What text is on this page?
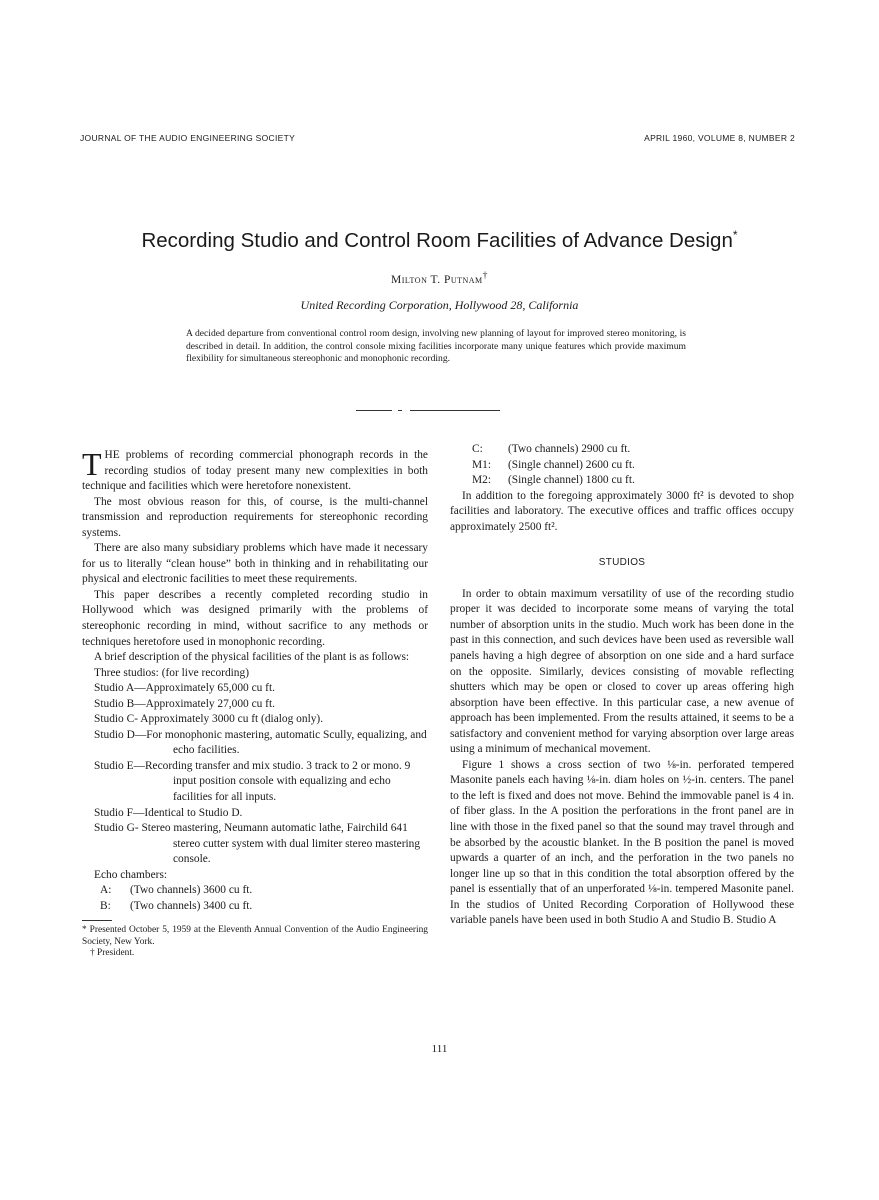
JOURNAL OF THE AUDIO ENGINEERING SOCIETY	APRIL 1960, VOLUME 8, NUMBER 2
Recording Studio and Control Room Facilities of Advance Design*
Milton T. Putnam†
United Recording Corporation, Hollywood 28, California
A decided departure from conventional control room design, involving new planning of layout for improved stereo monitoring, is described in detail. In addition, the control console mixing facilities incorporate many unique features which provide maximum flexibility for simultaneous stereophonic and monophonic recording.

THE problems of recording commercial phonograph records in the recording studios of today present many new complexities in both technique and facilities which were heretofore nonexistent.

The most obvious reason for this, of course, is the multi-channel transmission and reproduction requirements for stereophonic recording systems.

There are also many subsidiary problems which have made it necessary for us to literally “clean house” both in thinking and in rehabilitating our physical and electronic facilities to meet these requirements.

This paper describes a recently completed recording studio in Hollywood which was designed primarily with the problems of stereophonic recording in mind, without sacrifice to any methods or techniques heretofore used in monophonic recording.

A brief description of the physical facilities of the plant is as follows:

Three studios: (for live recording)

Studio A—Approximately 65,000 cu ft.
Studio B—Approximately 27,000 cu ft.
Studio C- Approximately 3000 cu ft (dialog only).
Studio D—For monophonic mastering, automatic Scully, equalizing, and echo facilities.
Studio E—Recording transfer and mix studio. 3 track to 2 or mono. 9 input position console with equalizing and echo facilities for all inputs.
Studio F—Identical to Studio D.
Studio G- Stereo mastering, Neumann automatic lathe, Fairchild 641 stereo cutter system with dual limiter stereo mastering console.

Echo chambers:

A:	(Two channels) 3600 cu ft.
B:	(Two channels) 3400 cu ft.

* Presented October 5, 1959 at the Eleventh Annual Convention of the Audio Engineering Society, New York.

† President.

C:	(Two channels) 2900 cu ft.
M1:	(Single channel) 2600 cu ft.
M2:	(Single channel) 1800 cu ft.

In addition to the foregoing approximately 3000 ft² is devoted to shop facilities and laboratory. The executive offices and traffic offices occupy approximately 2500 ft².

STUDIOS

In order to obtain maximum versatility of use of the recording studio proper it was decided to incorporate some means of varying the total number of absorption units in the studio. Much work has been done in the past in this connection, and such devices have been used as reversible wall panels having a high degree of absorption on one side and a hard surface on the opposite. Similarly, devices consisting of movable reflecting shutters which may be open or closed to cover up areas offering high absorption have been effective. In this particular case, a new avenue of approach has been implemented. From the results attained, it seems to be a satisfactory and convenient method for varying absorption over large areas using a minimum of mechanical movement.

Figure 1 shows a cross section of two ⅛-in. perforated tempered Masonite panels each having ⅛-in. diam holes on ½-in. centers. The panel to the left is fixed and does not move. Behind the immovable panel is 4 in. of fiber glass. In the A position the perforations in the front panel are in line with those in the fixed panel so that the sound may travel through and be absorbed by the acoustic blanket. In the B position the panel is moved upwards a quarter of an inch, and the perforation in the two panels no longer line up so that in this condition the total absorption offered by the panel is essentially that of an unperforated ⅛-in. tempered Masonite panel. In the studios of United Recording Corporation of Hollywood these variable panels have been used in both Studio A and Studio B. Studio A

111
